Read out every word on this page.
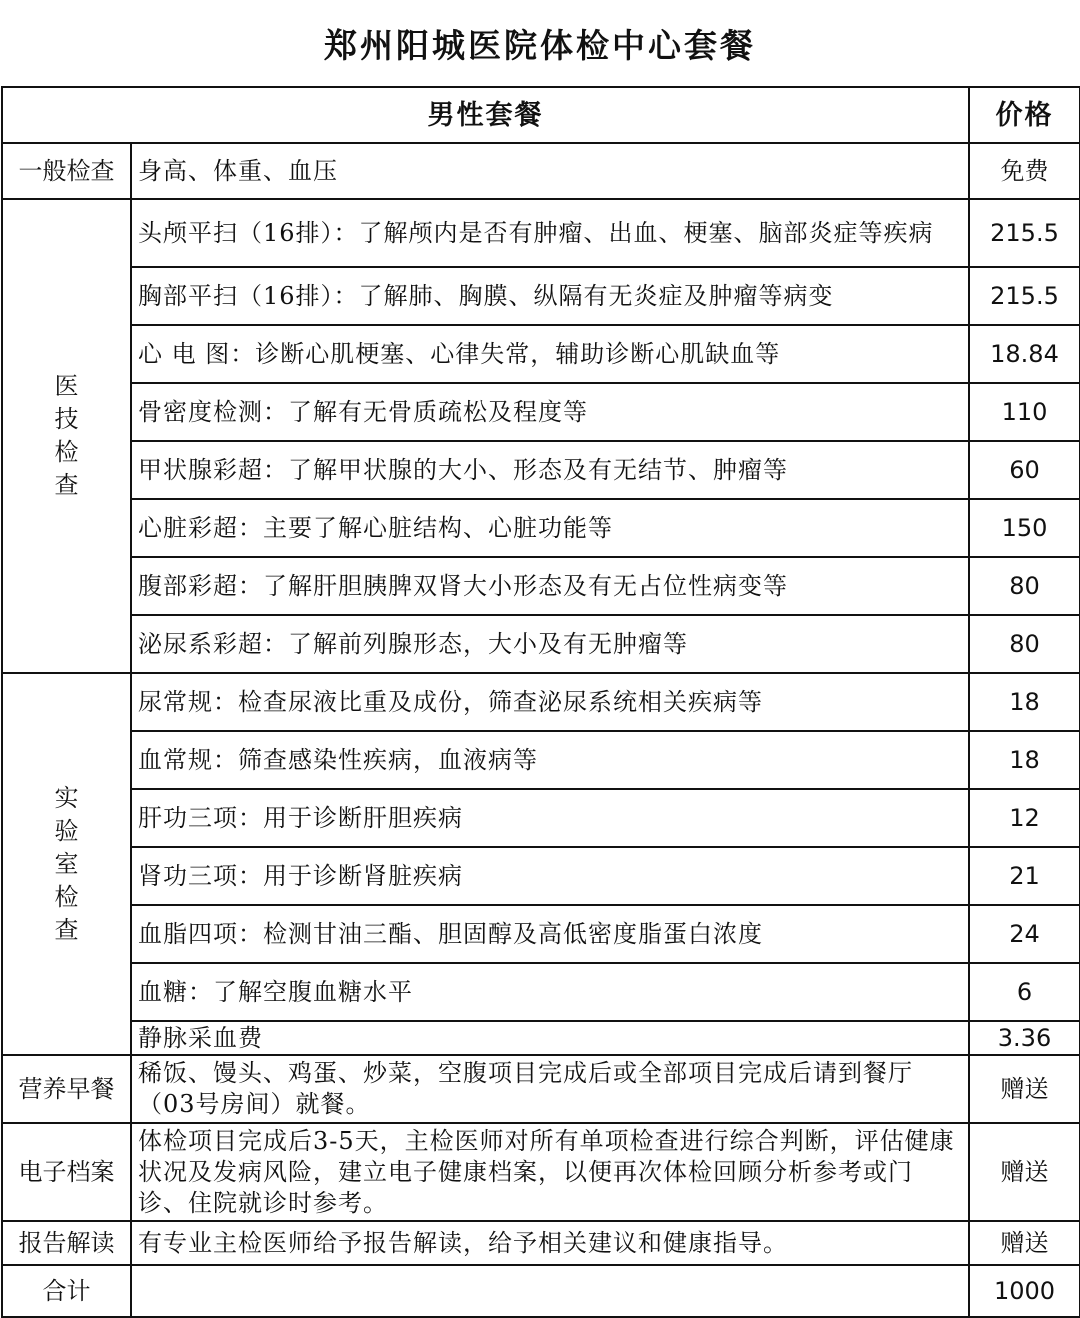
郑州阳城医院体检中心套餐
男性套餐		价格
一般检查	身高、体重、血压	免费

医
技
检
查	头颅平扫（16排）：了解颅内是否有肿瘤、出血、梗塞、脑部炎症等疾病	215.5
	胸部平扫（16排）：了解肺、胸膜、纵隔有无炎症及肿瘤等病变	215.5
	心 电 图：诊断心肌梗塞、心律失常，辅助诊断心肌缺血等	18.84
	骨密度检测：了解有无骨质疏松及程度等	110
	甲状腺彩超：了解甲状腺的大小、形态及有无结节、肿瘤等	60
	心脏彩超：主要了解心脏结构、心脏功能等	150
	腹部彩超：了解肝胆胰脾双肾大小形态及有无占位性病变等	80
	泌尿系彩超：了解前列腺形态，大小及有无肿瘤等	80

实
验
室
检
查	尿常规：检查尿液比重及成份，筛查泌尿系统相关疾病等	18
	血常规：筛查感染性疾病，血液病等	18
	肝功三项：用于诊断肝胆疾病	12
	肾功三项：用于诊断肾脏疾病	21
	血脂四项：检测甘油三酯、胆固醇及高低密度脂蛋白浓度	24
	血糖：了解空腹血糖水平	6
	静脉采血费	3.36
营养早餐	稀饭、馒头、鸡蛋、炒菜，空腹项目完成后或全部项目完成后请到餐厅（03号房间）就餐。	赠送
电子档案	体检项目完成后3-5天，主检医师对所有单项检查进行综合判断，评估健康状况及发病风险，建立电子健康档案，以便再次体检回顾分析参考或门诊、住院就诊时参考。	赠送
报告解读	有专业主检医师给予报告解读，给予相关建议和健康指导。	赠送
合计		1000
